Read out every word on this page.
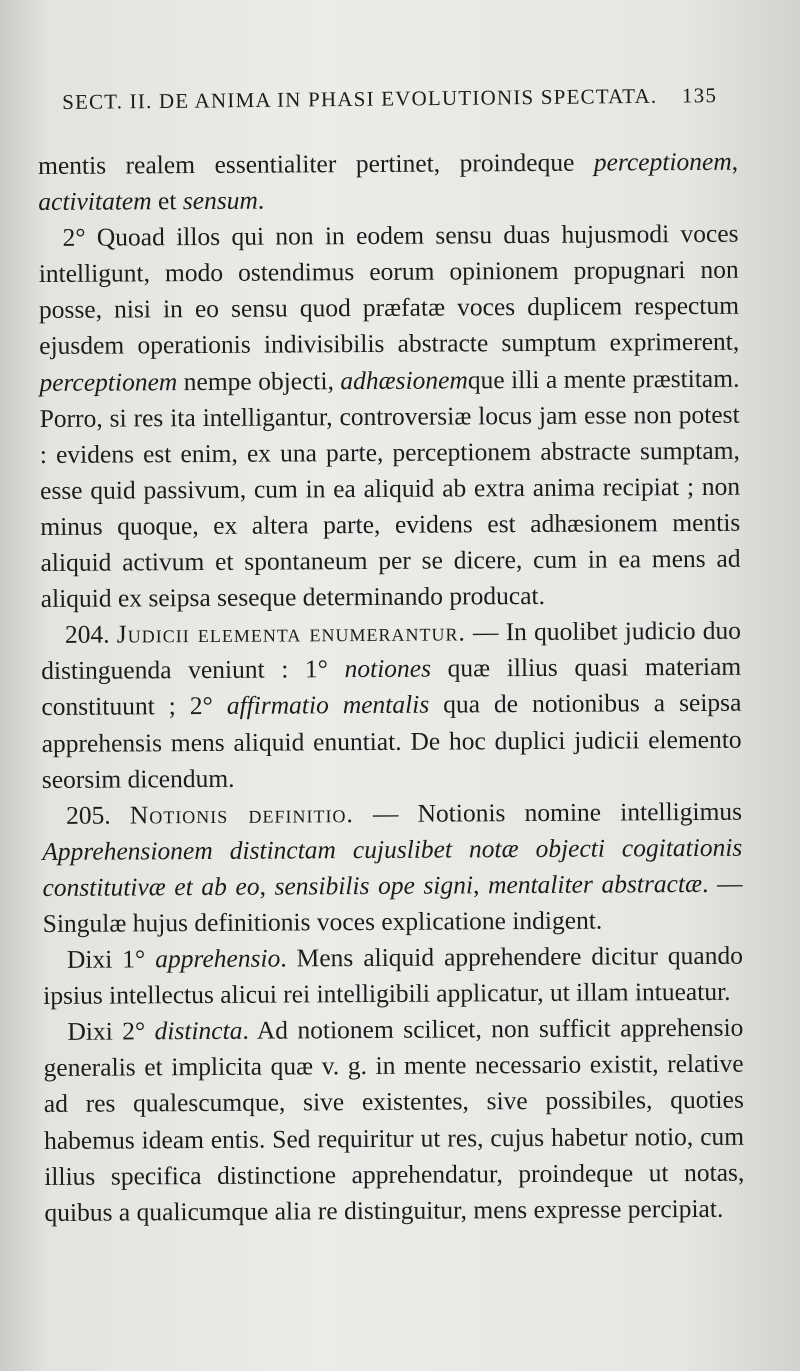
SECT. II. DE ANIMA IN PHASI EVOLUTIONIS SPECTATA. 135

mentis realem essentialiter pertinet, proindeque perceptionem, activitatem et sensum.

2° Quoad illos qui non in eodem sensu duas hujusmodi voces intelligunt, modo ostendimus eorum opinionem propugnari non posse, nisi in eo sensu quod præfatæ voces duplicem respectum ejusdem operationis indivisibilis abstracte sumptum exprimerent, perceptionem nempe objecti, adhæsionemque illi a mente præstitam. Porro, si res ita intelligantur, controversiæ locus jam esse non potest : evidens est enim, ex una parte, perceptionem abstracte sumptam, esse quid passivum, cum in ea aliquid ab extra anima recipiat ; non minus quoque, ex altera parte, evidens est adhæsionem mentis aliquid activum et spontaneum per se dicere, cum in ea mens ad aliquid ex seipsa seseque determinando producat.

204. Judicii elementa enumerantur. — In quolibet judicio duo distinguenda veniunt : 1° notiones quæ illius quasi materiam constituunt ; 2° affirmatio mentalis qua de notionibus a seipsa apprehensis mens aliquid enuntiat. De hoc duplici judicii elemento seorsim dicendum.

205. Notionis definitio. — Notionis nomine intelligimus Apprehensionem distinctam cujuslibet notæ objecti cogitationis constitutivæ et ab eo, sensibilis ope signi, mentaliter abstractæ. — Singulæ hujus definitionis voces explicatione indigent.

Dixi 1° apprehensio. Mens aliquid apprehendere dicitur quando ipsius intellectus alicui rei intelligibili applicatur, ut illam intueatur.

Dixi 2° distincta. Ad notionem scilicet, non sufficit apprehensio generalis et implicita quæ v. g. in mente necessario existit, relative ad res qualescumque, sive existentes, sive possibiles, quoties habemus ideam entis. Sed requiritur ut res, cujus habetur notio, cum illius specifica distinctione apprehendatur, proindeque ut notas, quibus a qualicumque alia re distinguitur, mens expresse percipiat.
